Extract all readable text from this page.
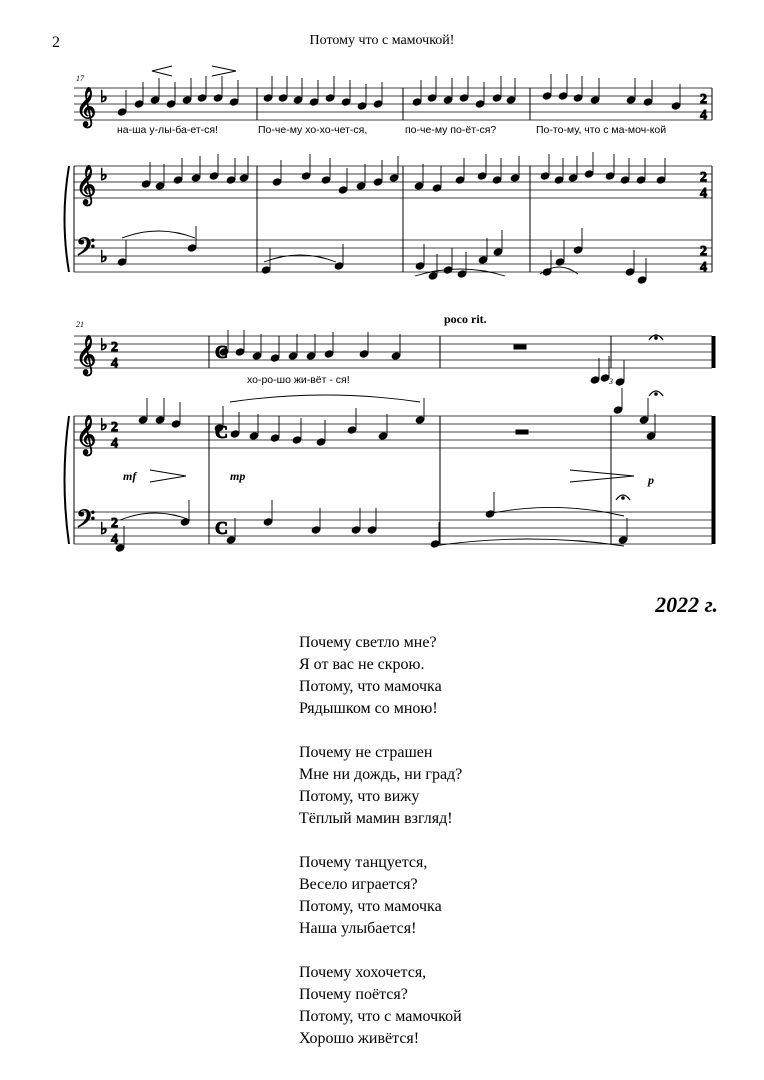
2	Потому что с мамочкой!
𝄞
𝄞
𝄢
♭
♭
♭
𝄞
𝄞
𝄢
♭
♭
♭
2
4
2
4
2
4
2
4
C
2
4
C
2
4
C
17
21
на-ша у-лы-ба-ет-ся!	По-че-му хо-хо-чет-ся,	по-че-му по-ёт-ся?	По-то-му, что с ма-моч-кой
хо-ро-шо жи-вёт - ся!
poco rit.
mf	mp	p
3
2022 г.
Почему светло мне?
Я от вас не скрою.
Потому, что мамочка
Рядышком со мною!
Почему не страшен
Мне ни дождь, ни град?
Потому, что вижу
Тёплый мамин взгляд!
Почему танцуется,
Весело играется?
Потому, что мамочка
Наша улыбается!
Почему хохочется,
Почему поётся?
Потому, что с мамочкой
Хорошо живётся!
